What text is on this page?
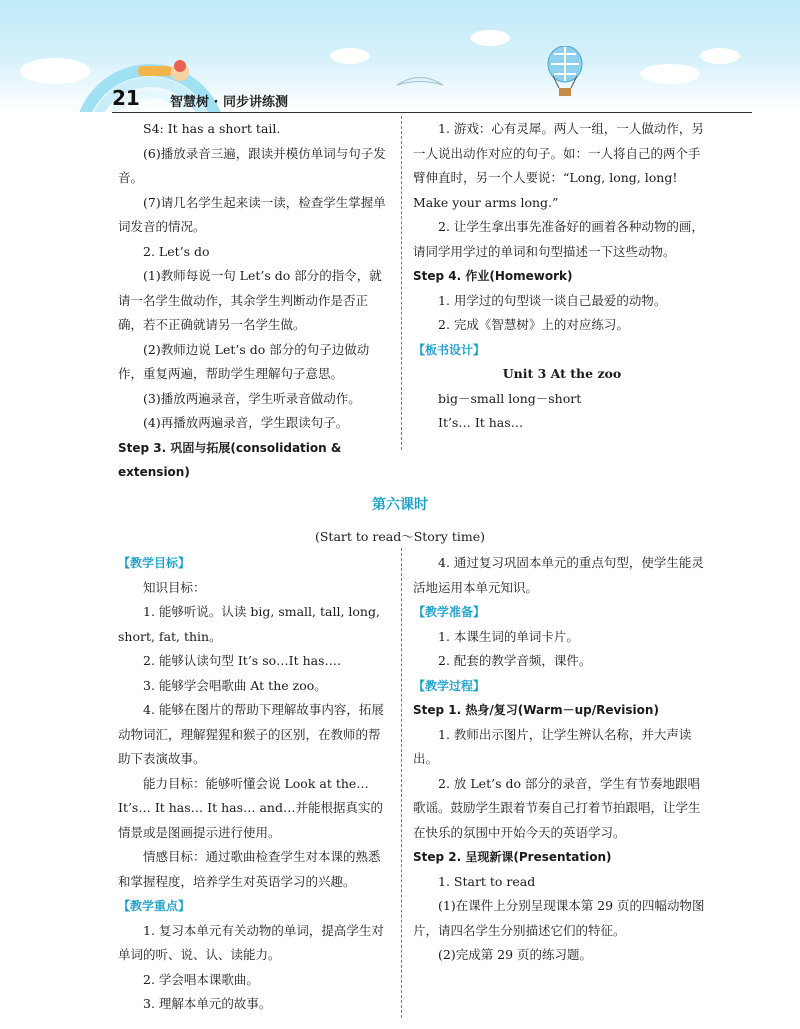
21 智慧树 · 同步讲练测

S4: It has a short tail.

(6)播放录音三遍，跟读并模仿单词与句子发音。

(7)请几名学生起来读一读，检查学生掌握单词发音的情况。

2. Let’s do

(1)教师每说一句 Let’s do 部分的指令，就请一名学生做动作，其余学生判断动作是否正确，若不正确就请另一名学生做。

(2)教师边说 Let’s do 部分的句子边做动作，重复两遍，帮助学生理解句子意思。

(3)播放两遍录音，学生听录音做动作。

(4)再播放两遍录音，学生跟读句子。

Step 3. 巩固与拓展(consolidation & extension)

1. 游戏：心有灵犀。两人一组，一人做动作，另一人说出动作对应的句子。如：一人将自己的两个手臂伸直时，另一个人要说：“Long, long, long! Make your arms long.”

2. 让学生拿出事先准备好的画着各种动物的画，请同学用学过的单词和句型描述一下这些动物。

Step 4. 作业(Homework)

1. 用学过的句型谈一谈自己最爱的动物。

2. 完成《智慧树》上的对应练习。

【板书设计】

Unit 3 At the zoo

big－small long－short

It’s… It has…

第六课时
(Start to read～Story time)

【教学目标】

知识目标：

1. 能够听说。认读 big, small, tall, long, short, fat, thin。

2. 能够认读句型 It’s so…It has….

3. 能够学会唱歌曲 At the zoo。

4. 能够在图片的帮助下理解故事内容，拓展动物词汇，理解猩猩和猴子的区别，在教师的帮助下表演故事。

能力目标：能够听懂会说 Look at the… It’s… It has… It has… and…并能根据真实的情景或是图画提示进行使用。

情感目标：通过歌曲检查学生对本课的熟悉和掌握程度，培养学生对英语学习的兴趣。

【教学重点】

1. 复习本单元有关动物的单词，提高学生对单词的听、说、认、读能力。

2. 学会唱本课歌曲。

3. 理解本单元的故事。

4. 通过复习巩固本单元的重点句型，使学生能灵活地运用本单元知识。

【教学准备】

1. 本课生词的单词卡片。

2. 配套的教学音频，课件。

【教学过程】

Step 1. 热身/复习(Warm－up/Revision)

1. 教师出示图片，让学生辨认名称，并大声读出。

2. 放 Let’s do 部分的录音，学生有节奏地跟唱歌谣。鼓励学生跟着节奏自己打着节拍跟唱，让学生在快乐的氛围中开始今天的英语学习。

Step 2. 呈现新课(Presentation)

1. Start to read

(1)在课件上分别呈现课本第 29 页的四幅动物图片，请四名学生分别描述它们的特征。

(2)完成第 29 页的练习题。
